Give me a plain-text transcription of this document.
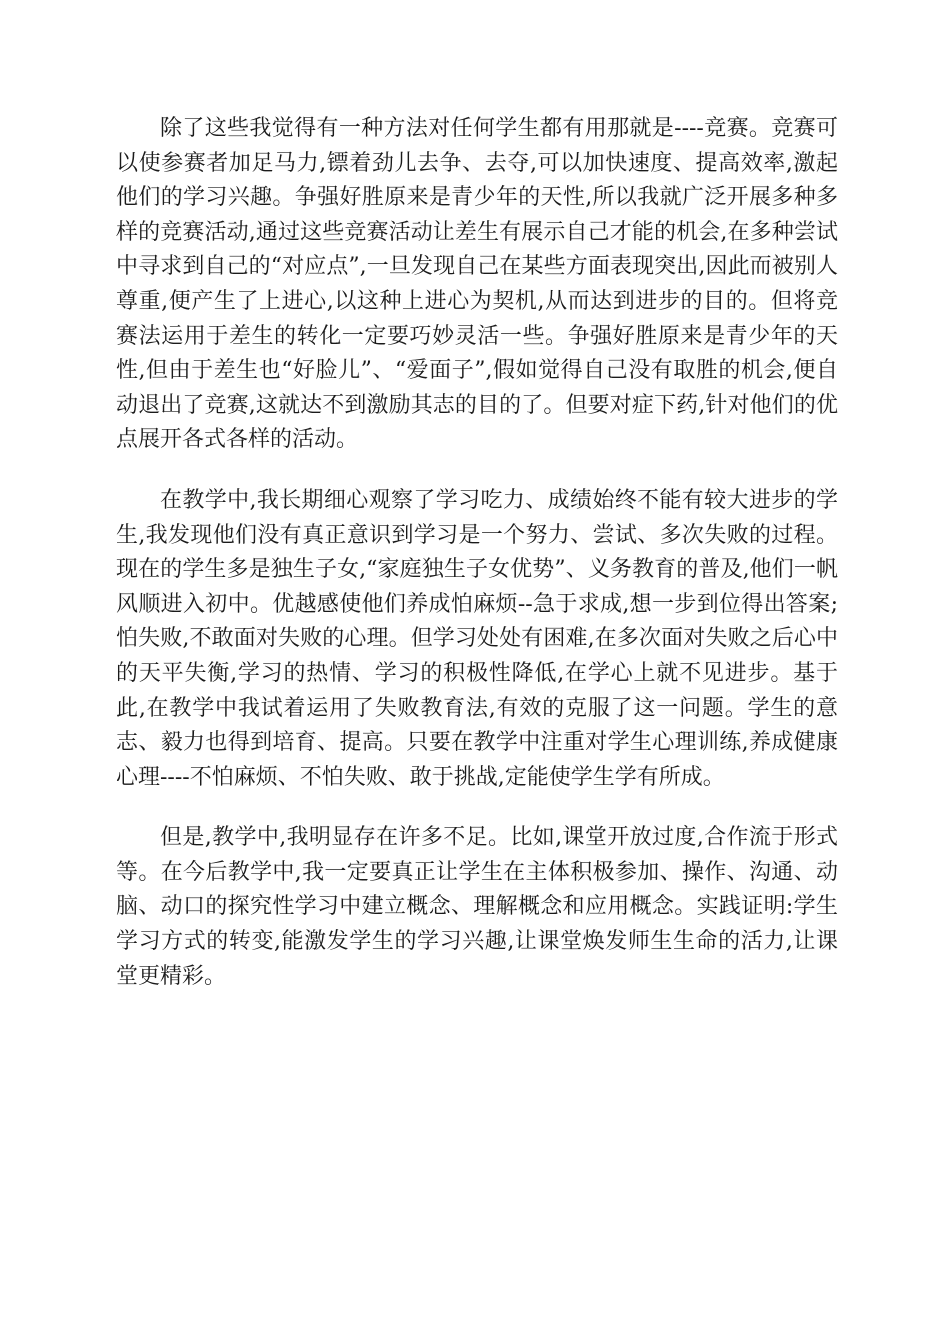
除了这些我觉得有一种方法对任何学生都有用那就是----竞赛。竞赛可以使参赛者加足马力,镖着劲儿去争、去夺,可以加快速度、提高效率,激起他们的学习兴趣。争强好胜原来是青少年的天性,所以我就广泛开展多种多样的竞赛活动,通过这些竞赛活动让差生有展示自己才能的机会,在多种尝试中寻求到自己的“对应点”,一旦发现自己在某些方面表现突出,因此而被别人尊重,便产生了上进心,以这种上进心为契机,从而达到进步的目的。但将竞赛法运用于差生的转化一定要巧妙灵活一些。争强好胜原来是青少年的天性,但由于差生也“好脸儿”、“爱面子”,假如觉得自己没有取胜的机会,便自动退出了竞赛,这就达不到激励其志的目的了。但要对症下药,针对他们的优点展开各式各样的活动。

在教学中,我长期细心观察了学习吃力、成绩始终不能有较大进步的学生,我发现他们没有真正意识到学习是一个努力、尝试、多次失败的过程。现在的学生多是独生子女,“家庭独生子女优势”、义务教育的普及,他们一帆风顺进入初中。优越感使他们养成怕麻烦--急于求成,想一步到位得出答案;怕失败,不敢面对失败的心理。但学习处处有困难,在多次面对失败之后心中的天平失衡,学习的热情、学习的积极性降低,在学心上就不见进步。基于此,在教学中我试着运用了失败教育法,有效的克服了这一问题。学生的意志、毅力也得到培育、提高。只要在教学中注重对学生心理训练,养成健康心理----不怕麻烦、不怕失败、敢于挑战,定能使学生学有所成。

但是,教学中,我明显存在许多不足。比如,课堂开放过度,合作流于形式等。在今后教学中,我一定要真正让学生在主体积极参加、操作、沟通、动脑、动口的探究性学习中建立概念、理解概念和应用概念。实践证明:学生学习方式的转变,能激发学生的学习兴趣,让课堂焕发师生生命的活力,让课堂更精彩。
